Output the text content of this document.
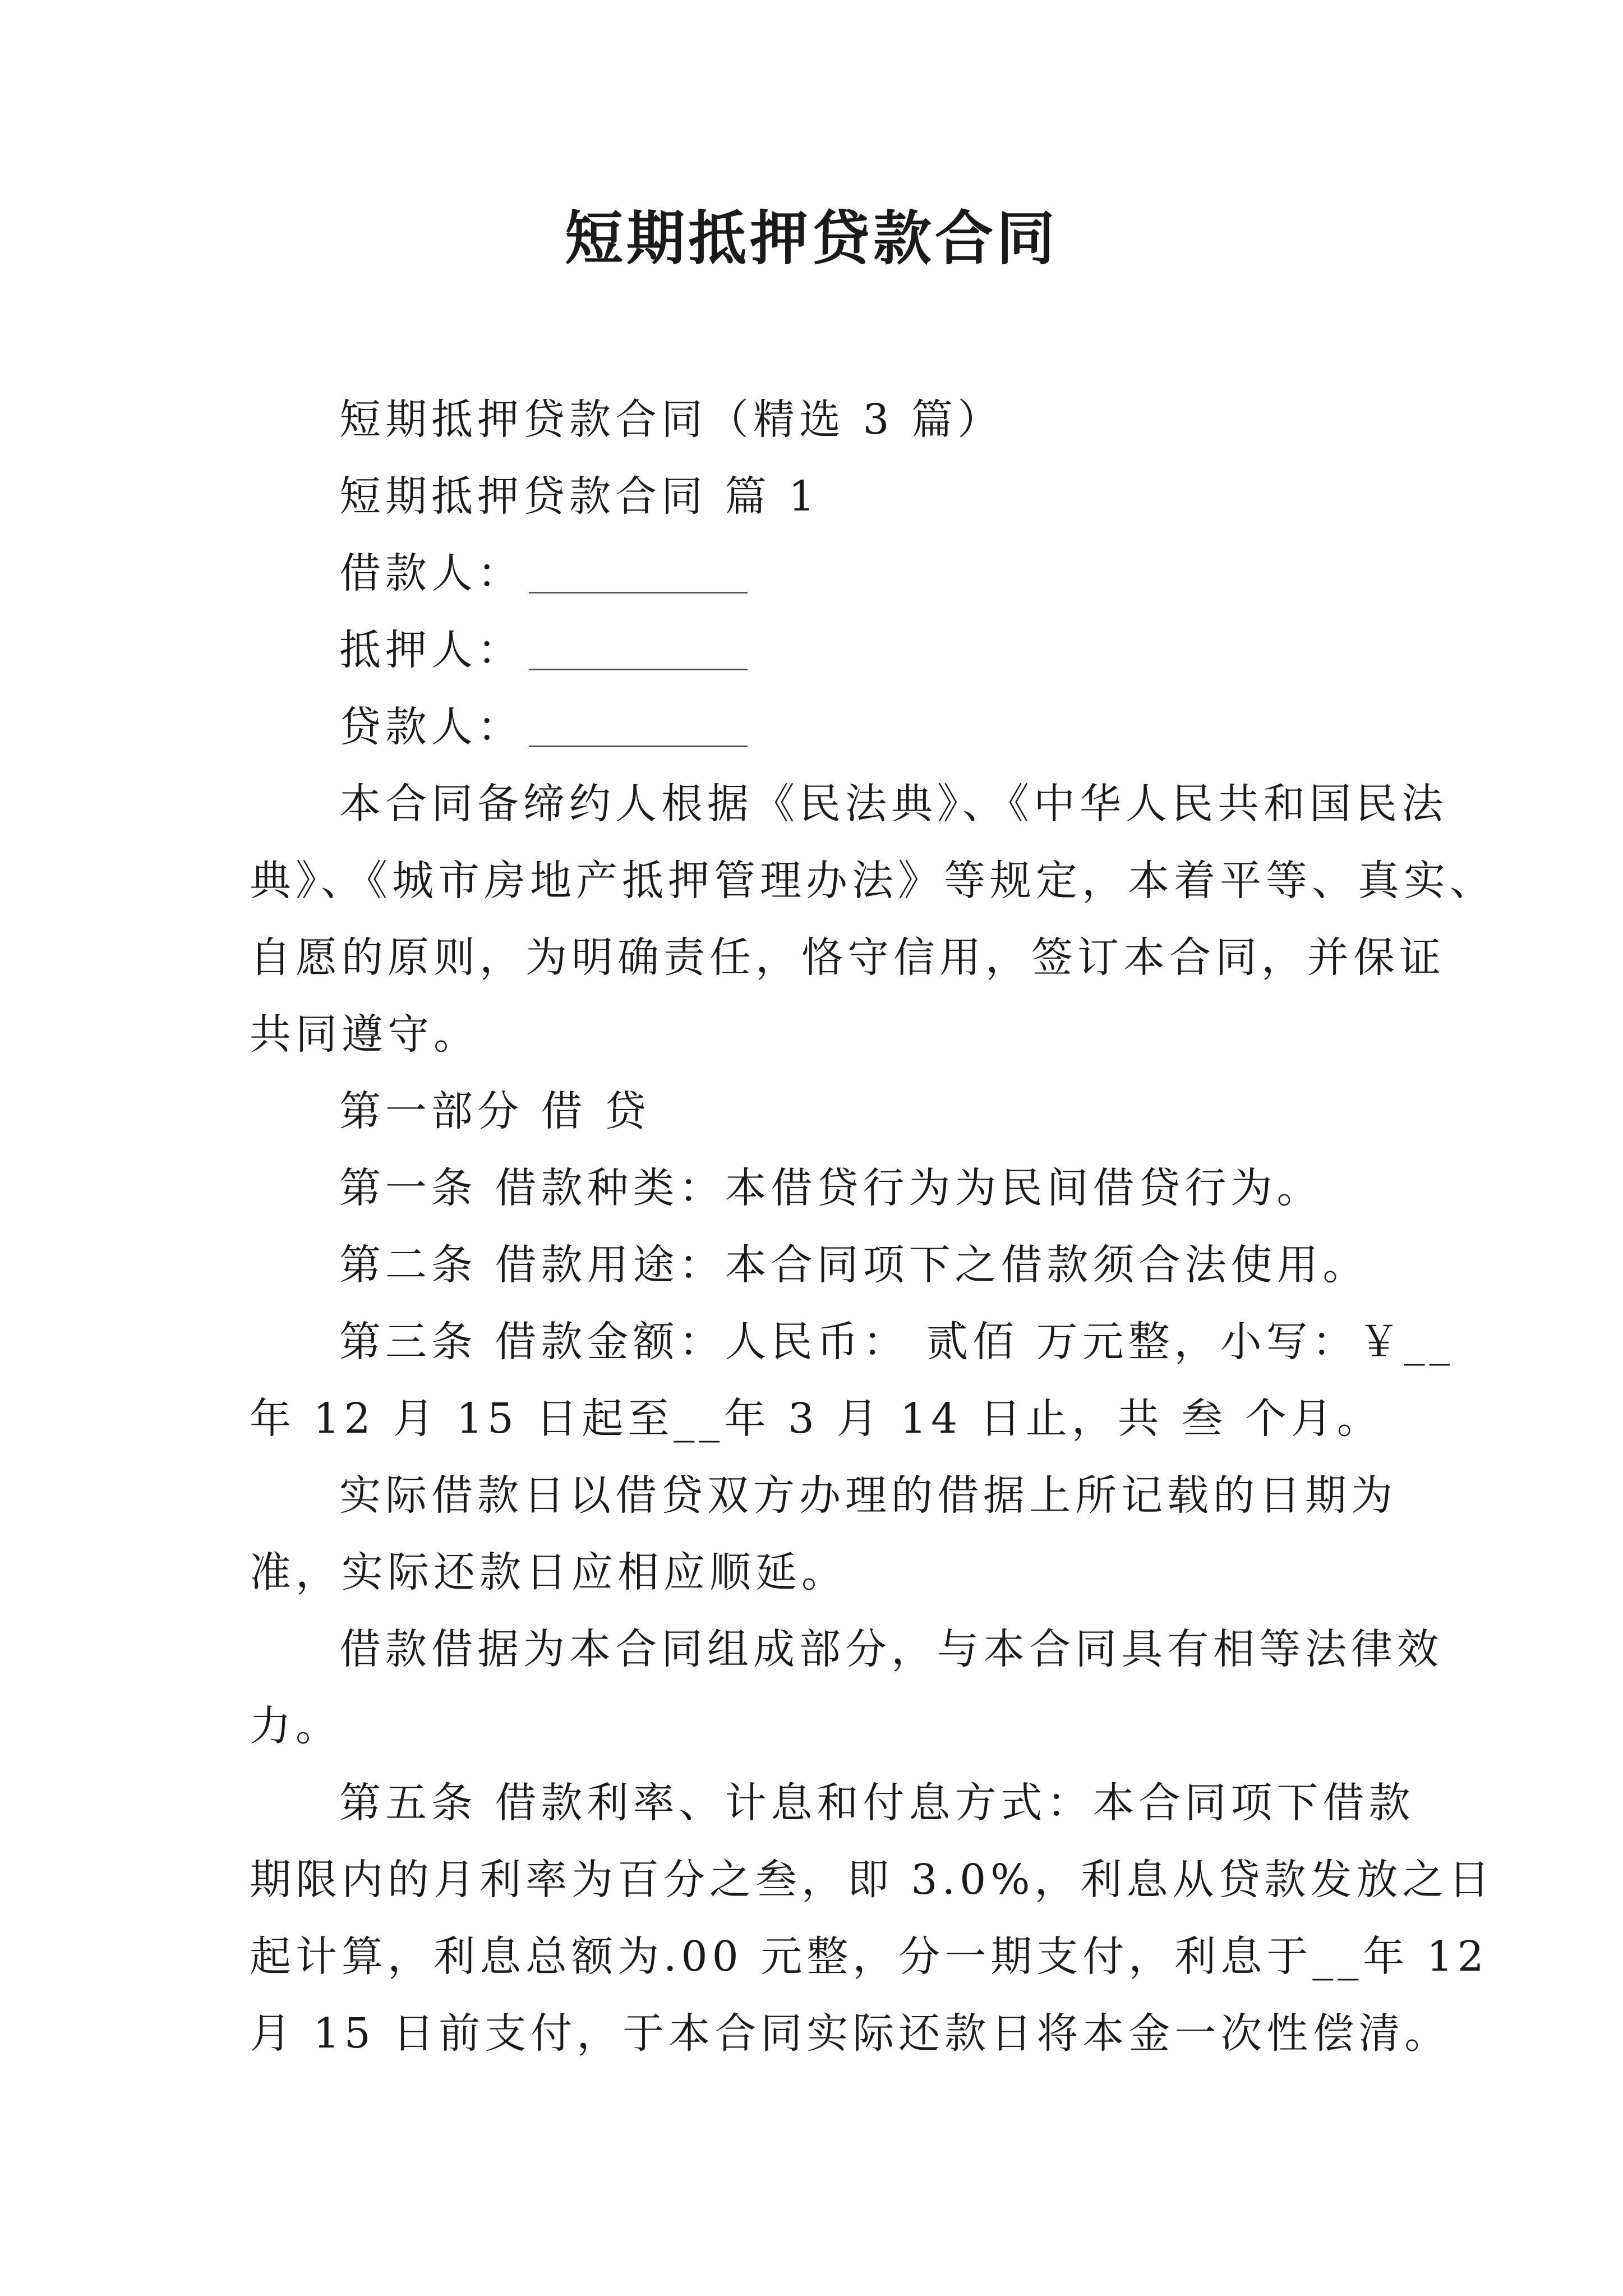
短期抵押贷款合同
短期抵押贷款合同（精选 3 篇）
短期抵押贷款合同 篇 1
借款人：
抵押人：
贷款人：
本合同备缔约人根据《民法典》、《中华人民共和国民法
典》、《城市房地产抵押管理办法》等规定，本着平等、真实、
自愿的原则，为明确责任，恪守信用，签订本合同，并保证
共同遵守。
第一部分 借 贷
第一条 借款种类：本借贷行为为民间借贷行为。
第二条 借款用途：本合同项下之借款须合法使用。
第三条 借款金额：人民币： 贰佰 万元整，小写：￥__
年 12 月 15 日起至__年 3 月 14 日止，共 叁 个月。
实际借款日以借贷双方办理的借据上所记载的日期为
准，实际还款日应相应顺延。
借款借据为本合同组成部分，与本合同具有相等法律效
力。
第五条 借款利率、计息和付息方式：本合同项下借款
期限内的月利率为百分之叁，即 3.0%，利息从贷款发放之日
起计算，利息总额为.00 元整，分一期支付，利息于__年 12
月 15 日前支付，于本合同实际还款日将本金一次性偿清。
